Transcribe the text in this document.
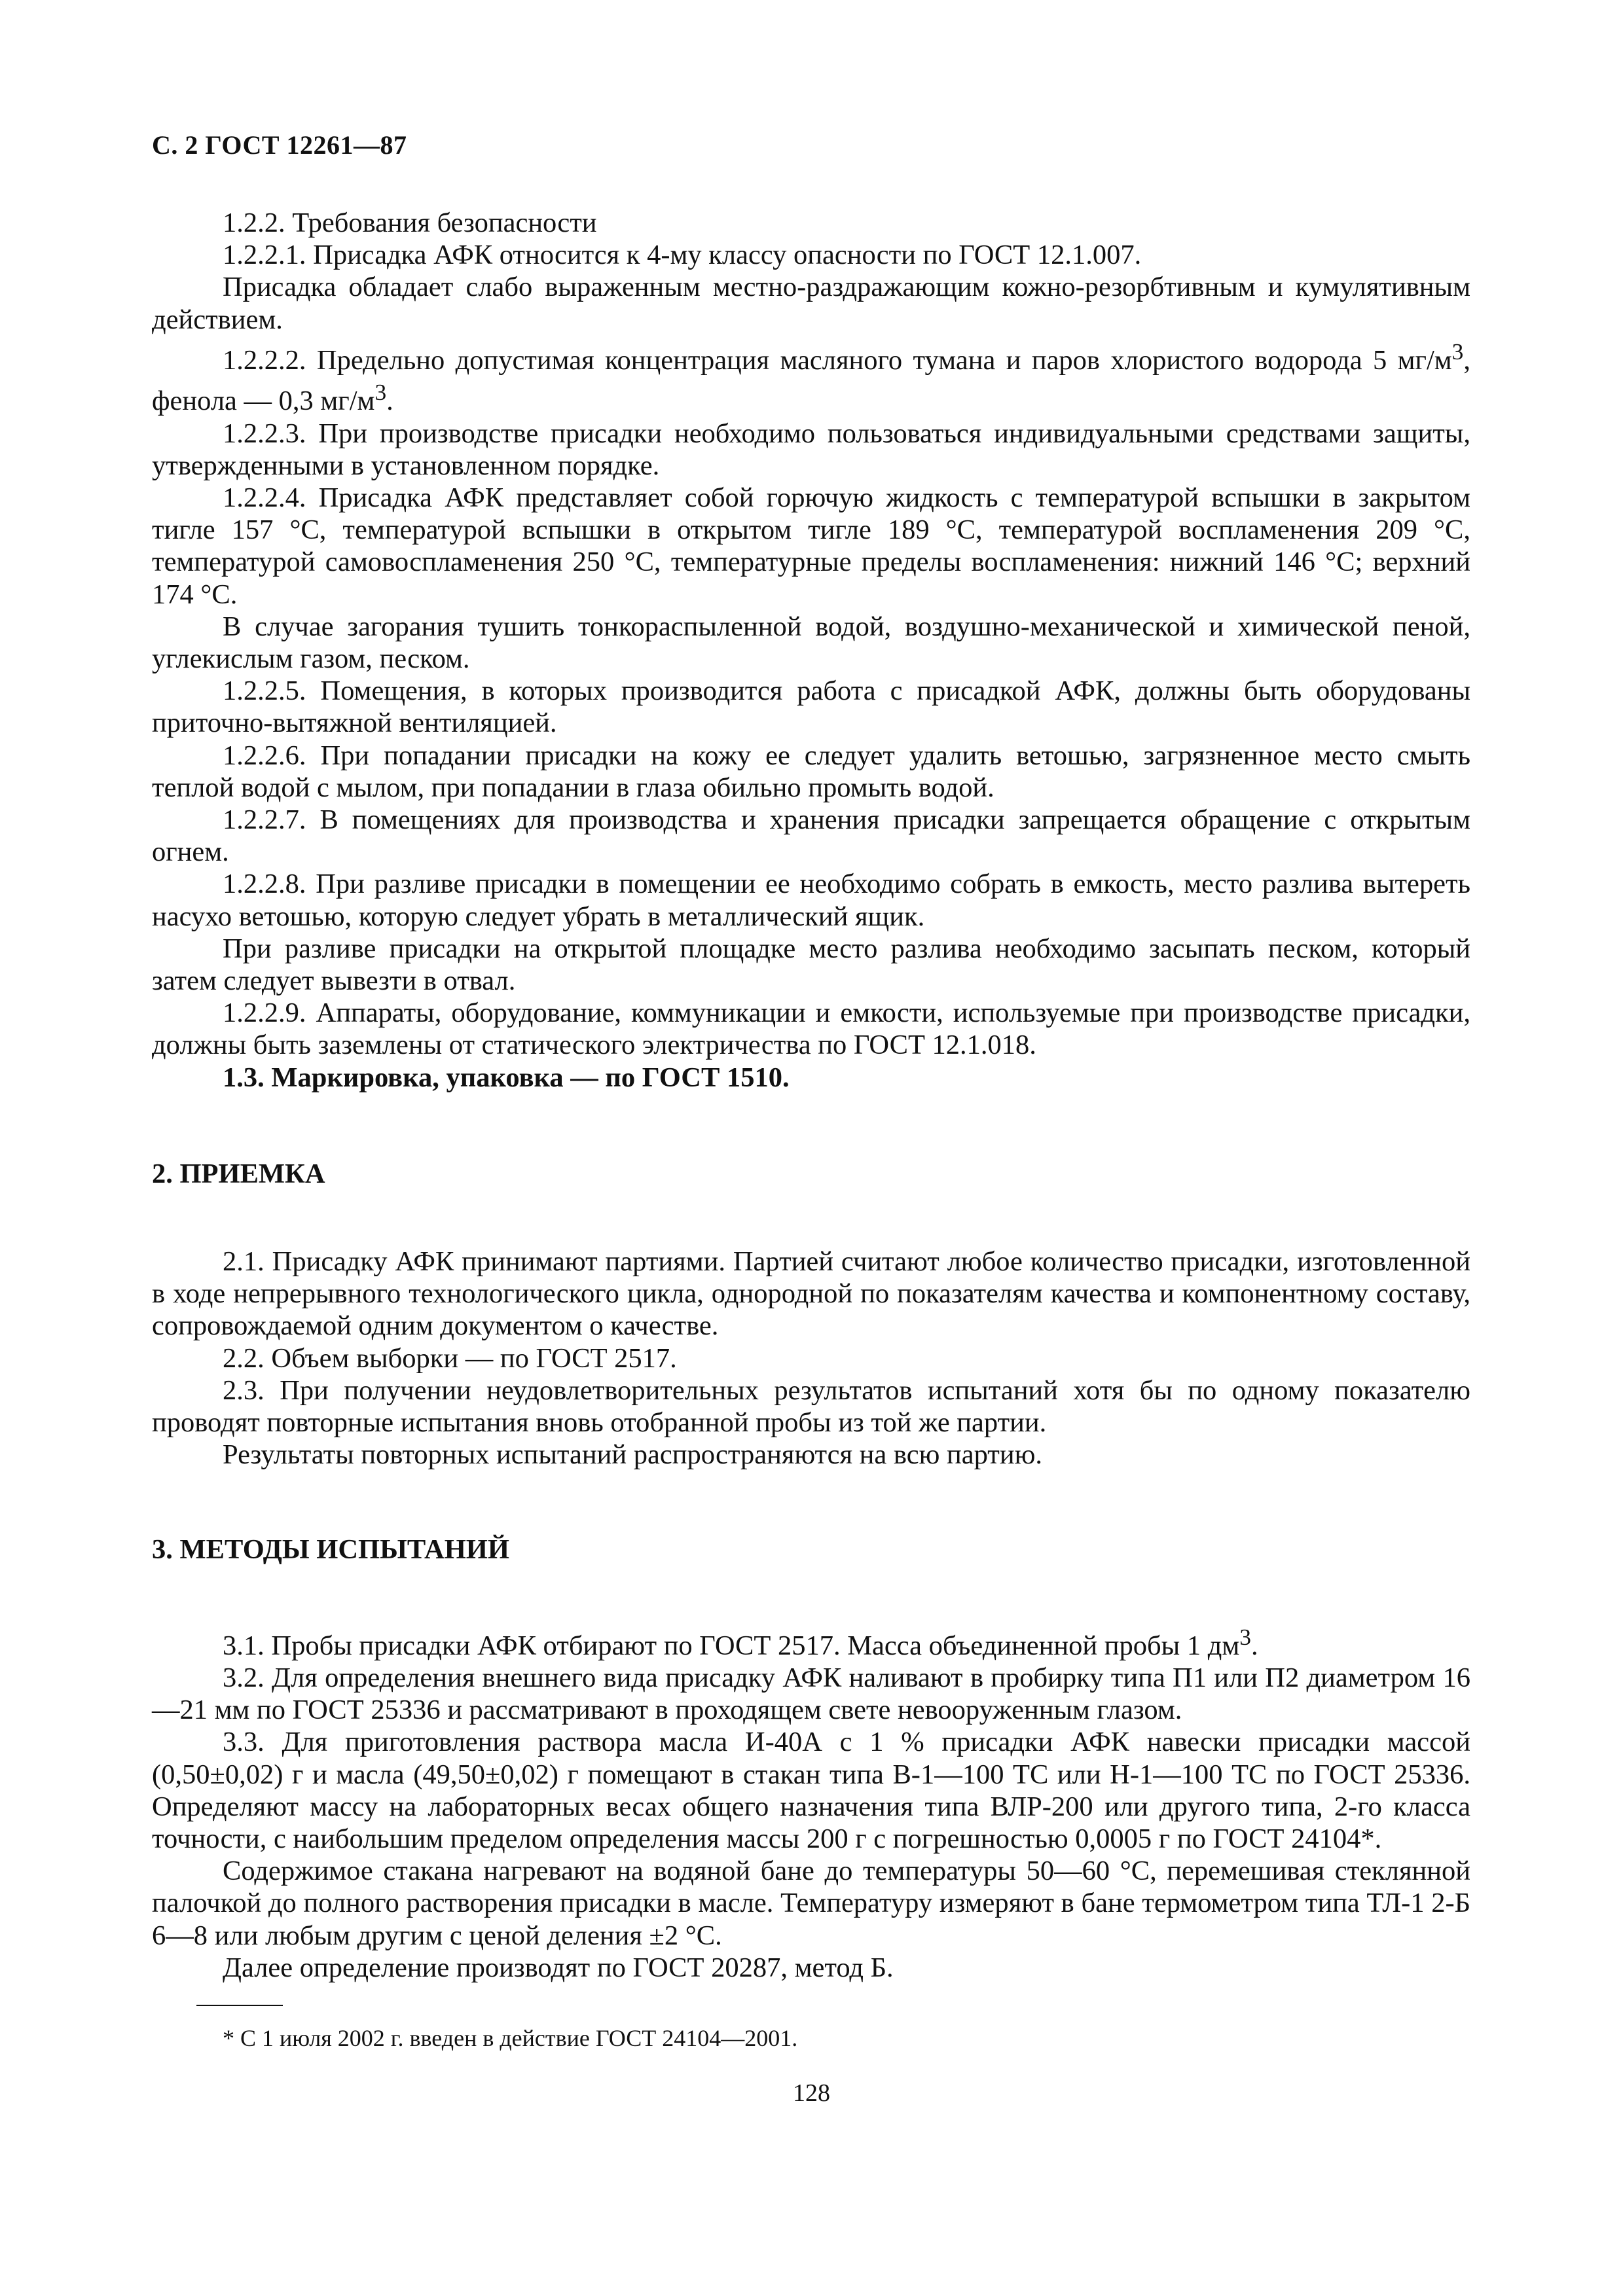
С. 2 ГОСТ 12261—87

1.2.2. Требования безопасности

1.2.2.1. Присадка АФК относится к 4-му классу опасности по ГОСТ 12.1.007.

Присадка обладает слабо выраженным местно-раздражающим кожно-резорбтивным и кумулятивным действием.

1.2.2.2. Предельно допустимая концентрация масляного тумана и паров хлористого водорода 5 $мг/м^3$, фенола — 0,3 $мг/м^3$.

1.2.2.3. При производстве присадки необходимо пользоваться индивидуальными средствами защиты, утвержденными в установленном порядке.

1.2.2.4. Присадка АФК представляет собой горючую жидкость с температурой вспышки в закрытом тигле 157 °С, температурой вспышки в открытом тигле 189 °С, температурой воспламенения 209 °С, температурой самовоспламенения 250 °С, температурные пределы воспламенения: нижний 146 °С; верхний 174 °С.

В случае загорания тушить тонкораспыленной водой, воздушно-механической и химической пеной, углекислым газом, песком.

1.2.2.5. Помещения, в которых производится работа с присадкой АФК, должны быть оборудованы приточно-вытяжной вентиляцией.

1.2.2.6. При попадании присадки на кожу ее следует удалить ветошью, загрязненное место смыть теплой водой с мылом, при попадании в глаза обильно промыть водой.

1.2.2.7. В помещениях для производства и хранения присадки запрещается обращение с открытым огнем.

1.2.2.8. При разливе присадки в помещении ее необходимо собрать в емкость, место разлива вытереть насухо ветошью, которую следует убрать в металлический ящик.

При разливе присадки на открытой площадке место разлива необходимо засыпать песком, который затем следует вывезти в отвал.

1.2.2.9. Аппараты, оборудование, коммуникации и емкости, используемые при производстве присадки, должны быть заземлены от статического электричества по ГОСТ 12.1.018.

1.3. Маркировка, упаковка — по ГОСТ 1510.

2. ПРИЕМКА

2.1. Присадку АФК принимают партиями. Партией считают любое количество присадки, изготовленной в ходе непрерывного технологического цикла, однородной по показателям качества и компонентному составу, сопровождаемой одним документом о качестве.

2.2. Объем выборки — по ГОСТ 2517.

2.3. При получении неудовлетворительных результатов испытаний хотя бы по одному показателю проводят повторные испытания вновь отобранной пробы из той же партии.

Результаты повторных испытаний распространяются на всю партию.

3. МЕТОДЫ ИСПЫТАНИЙ

3.1. Пробы присадки АФК отбирают по ГОСТ 2517. Масса объединенной пробы 1 $дм^3$.

3.2. Для определения внешнего вида присадку АФК наливают в пробирку типа П1 или П2 диаметром 16—21 мм по ГОСТ 25336 и рассматривают в проходящем свете невооруженным глазом.

3.3. Для приготовления раствора масла И-40А с 1 % присадки АФК навески присадки массой (0,50±0,02) г и масла (49,50±0,02) г помещают в стакан типа В-1—100 ТС или Н-1—100 ТС по ГОСТ 25336. Определяют массу на лабораторных весах общего назначения типа ВЛР-200 или другого типа, 2-го класса точности, с наибольшим пределом определения массы 200 г с погрешностью 0,0005 г по ГОСТ 24104*.

Содержимое стакана нагревают на водяной бане до температуры 50—60 °С, перемешивая стеклянной палочкой до полного растворения присадки в масле. Температуру измеряют в бане термометром типа ТЛ-1 2-Б 6—8 или любым другим с ценой деления ±2 °С.

Далее определение производят по ГОСТ 20287, метод Б.

* С 1 июля 2002 г. введен в действие ГОСТ 24104—2001.
128
